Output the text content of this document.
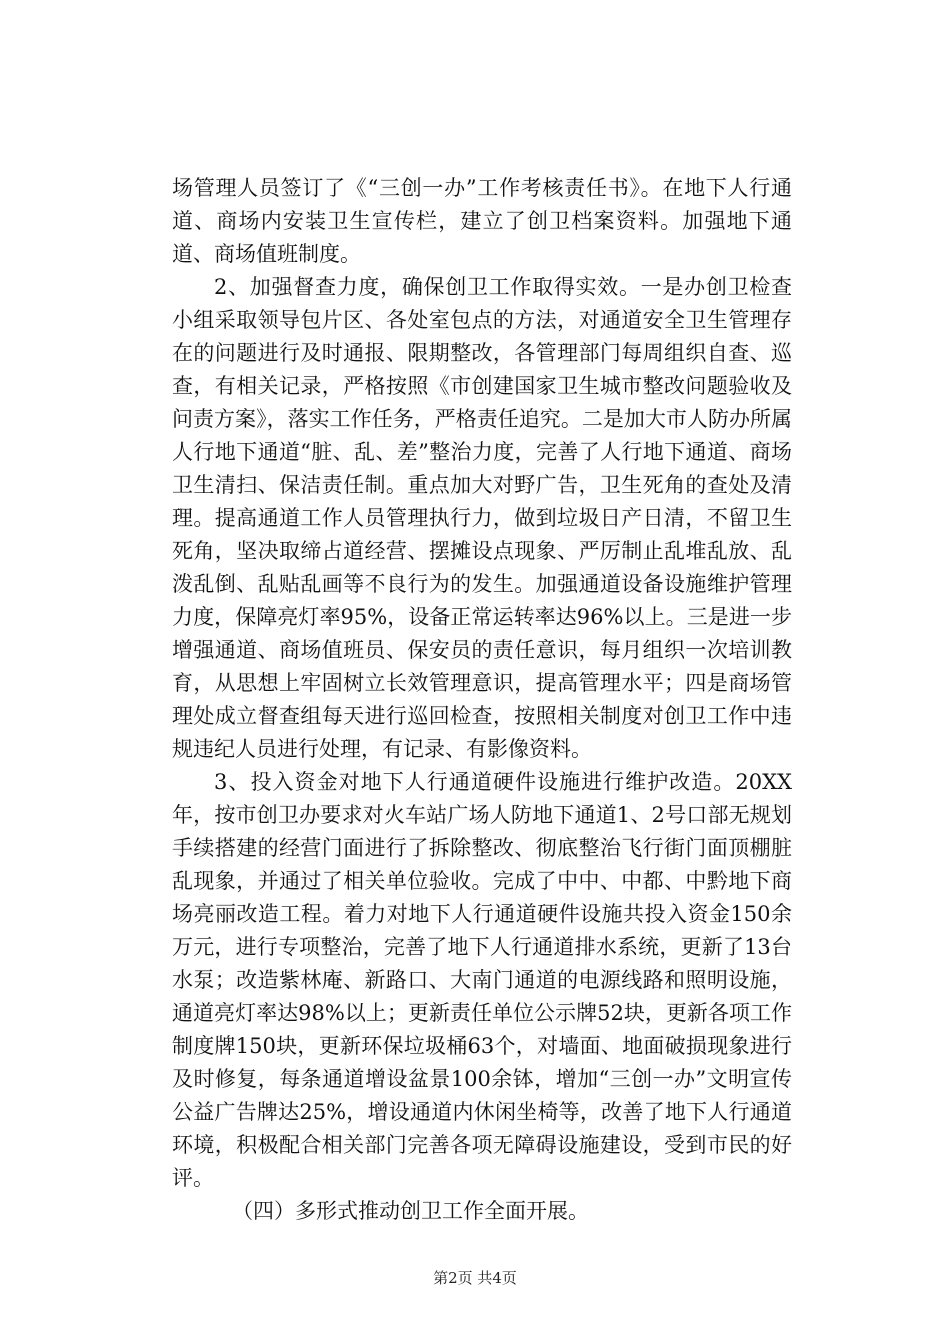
场管理人员签订了《“三创一办”工作考核责任书》。在地下人行通道、商场内安装卫生宣传栏，建立了创卫档案资料。加强地下通道、商场值班制度。

2、加强督查力度，确保创卫工作取得实效。一是办创卫检查小组采取领导包片区、各处室包点的方法，对通道安全卫生管理存在的问题进行及时通报、限期整改，各管理部门每周组织自查、巡查，有相关记录，严格按照《市创建国家卫生城市整改问题验收及问责方案》，落实工作任务，严格责任追究。二是加大市人防办所属人行地下通道“脏、乱、差”整治力度，完善了人行地下通道、商场卫生清扫、保洁责任制。重点加大对野广告，卫生死角的查处及清理。提高通道工作人员管理执行力，做到垃圾日产日清，不留卫生死角，坚决取缔占道经营、摆摊设点现象、严厉制止乱堆乱放、乱泼乱倒、乱贴乱画等不良行为的发生。加强通道设备设施维护管理力度，保障亮灯率95%，设备正常运转率达96%以上。三是进一步增强通道、商场值班员、保安员的责任意识，每月组织一次培训教育，从思想上牢固树立长效管理意识，提高管理水平；四是商场管理处成立督查组每天进行巡回检查，按照相关制度对创卫工作中违规违纪人员进行处理，有记录、有影像资料。

3、投入资金对地下人行通道硬件设施进行维护改造。20XX年，按市创卫办要求对火车站广场人防地下通道1、2号口部无规划手续搭建的经营门面进行了拆除整改、彻底整治飞行街门面顶棚脏乱现象，并通过了相关单位验收。完成了中中、中都、中黔地下商场亮丽改造工程。着力对地下人行通道硬件设施共投入资金150余万元，进行专项整治，完善了地下人行通道排水系统，更新了13台水泵；改造紫林庵、新路口、大南门通道的电源线路和照明设施，通道亮灯率达98%以上；更新责任单位公示牌52块，更新各项工作制度牌150块，更新环保垃圾桶63个，对墙面、地面破损现象进行及时修复，每条通道增设盆景100余钵，增加“三创一办”文明宣传公益广告牌达25%，增设通道内休闲坐椅等，改善了地下人行通道环境，积极配合相关部门完善各项无障碍设施建设，受到市民的好评。

（四）多形式推动创卫工作全面开展。

第2页 共4页
